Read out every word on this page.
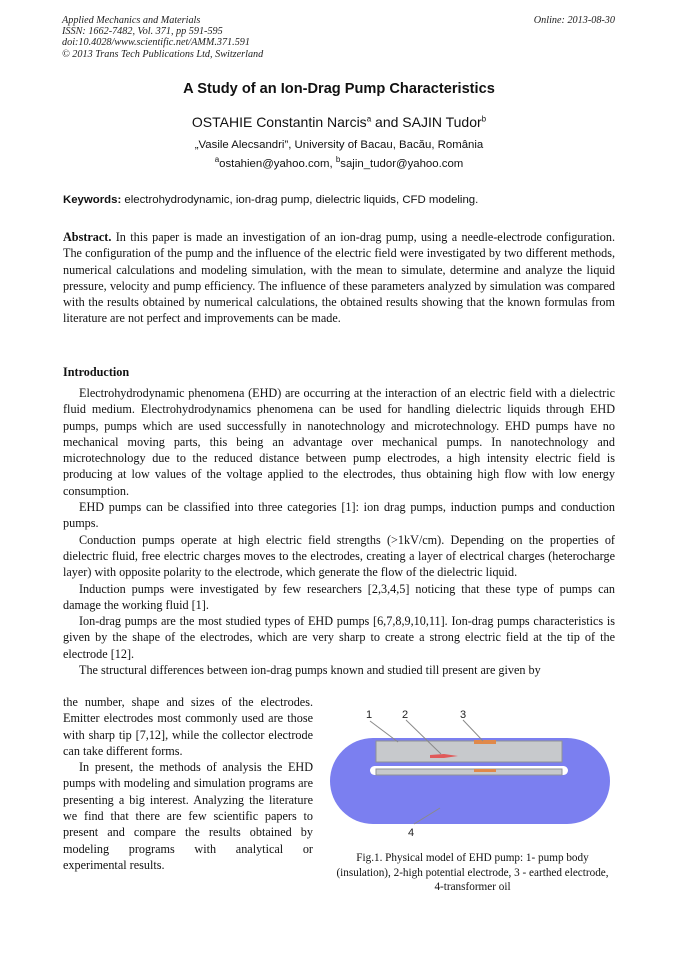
Applied Mechanics and Materials
ISSN: 1662-7482, Vol. 371, pp 591-595
doi:10.4028/www.scientific.net/AMM.371.591
© 2013 Trans Tech Publications Ltd, Switzerland
Online: 2013-08-30
A Study of an Ion-Drag Pump Characteristics
OSTAHIE Constantin Narcis$^a$ and SAJIN Tudor$^b$
„Vasile Alecsandri”, University of Bacau, Bacău, România
$^a$ostahien@yahoo.com, $^b$sajin_tudor@yahoo.com
Keywords: electrohydrodynamic, ion-drag pump, dielectric liquids, CFD modeling.
Abstract. In this paper is made an investigation of an ion-drag pump, using a needle-electrode configuration. The configuration of the pump and the influence of the electric field were investigated by two different methods, numerical calculations and modeling simulation, with the mean to simulate, determine and analyze the liquid pressure, velocity and pump efficiency. The influence of these parameters analyzed by simulation was compared with the results obtained by numerical calculations, the obtained results showing that the known formulas from literature are not perfect and improvements can be made.
Introduction

Electrohydrodynamic phenomena (EHD) are occurring at the interaction of an electric field with a dielectric fluid medium. Electrohydrodynamics phenomena can be used for handling dielectric liquids through EHD pumps, pumps which are used successfully in nanotechnology and microtechnology. EHD pumps have no mechanical moving parts, this being an advantage over mechanical pumps. In nanotechnology and microtechnology due to the reduced distance between pump electrodes, a high intensity electric field is producing at low values of the voltage applied to the electrodes, thus obtaining high flow with low energy consumption.

EHD pumps can be classified into three categories [1]: ion drag pumps, induction pumps and conduction pumps.

Conduction pumps operate at high electric field strengths (>1kV/cm). Depending on the properties of dielectric fluid, free electric charges moves to the electrodes, creating a layer of electrical charges (heterocharge layer) with opposite polarity to the electrode, which generate the flow of the dielectric liquid.

Induction pumps were investigated by few researchers [2,3,4,5] noticing that these type of pumps can damage the working fluid [1].

Ion-drag pumps are the most studied types of EHD pumps [6,7,8,9,10,11]. Ion-drag pumps characteristics is given by the shape of the electrodes, which are very sharp to create a strong electric field at the tip of the electrode [12].

The structural differences between ion-drag pumps known and studied till present are given by

the number, shape and sizes of the electrodes. Emitter electrodes most commonly used are those with sharp tip [7,12], while the collector electrode can take different forms.

In present, the methods of analysis the EHD pumps with modeling and simulation programs are presenting a big interest. Analyzing the literature we find that there are few scientific papers to present and compare the results obtained by modeling programs with analytical or experimental results.

1	2	3
4
Fig.1. Physical model of EHD pump: 1- pump body (insulation), 2-high potential electrode, 3 - earthed electrode, 4-transformer oil
